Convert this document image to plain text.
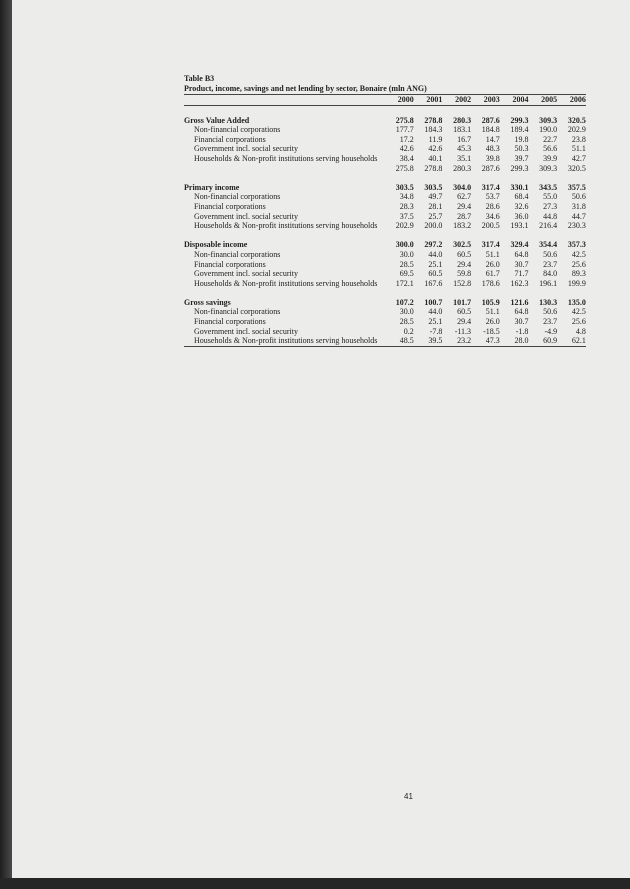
Table B3
Product, income, savings and net lending by sector, Bonaire (mln ANG)
2000	2001	2002	2003	2004	2005	2006
Gross Value Added	275.8	278.8	280.3	287.6	299.3	309.3	320.5
Non-financial corporations	177.7	184.3	183.1	184.8	189.4	190.0	202.9
Financial corporations	17.2	11.9	16.7	14.7	19.8	22.7	23.8
Government incl. social security	42.6	42.6	45.3	48.3	50.3	56.6	51.1
Households & Non-profit institutions serving households	38.4	40.1	35.1	39.8	39.7	39.9	42.7
275.8	278.8	280.3	287.6	299.3	309.3	320.5
Primary income	303.5	303.5	304.0	317.4	330.1	343.5	357.5
Non-financial corporations	34.8	49.7	62.7	53.7	68.4	55.0	50.6
Financial corporations	28.3	28.1	29.4	28.6	32.6	27.3	31.8
Government incl. social security	37.5	25.7	28.7	34.6	36.0	44.8	44.7
Households & Non-profit institutions serving households	202.9	200.0	183.2	200.5	193.1	216.4	230.3
Disposable income	300.0	297.2	302.5	317.4	329.4	354.4	357.3
Non-financial corporations	30.0	44.0	60.5	51.1	64.8	50.6	42.5
Financial corporations	28.5	25.1	29.4	26.0	30.7	23.7	25.6
Government incl. social security	69.5	60.5	59.8	61.7	71.7	84.0	89.3
Households & Non-profit institutions serving households	172.1	167.6	152.8	178.6	162.3	196.1	199.9
Gross savings	107.2	100.7	101.7	105.9	121.6	130.3	135.0
Non-financial corporations	30.0	44.0	60.5	51.1	64.8	50.6	42.5
Financial corporations	28.5	25.1	29.4	26.0	30.7	23.7	25.6
Government incl. social security	0.2	-7.8	-11.3	-18.5	-1.8	-4.9	4.8
Households & Non-profit institutions serving households	48.5	39.5	23.2	47.3	28.0	60.9	62.1
41
